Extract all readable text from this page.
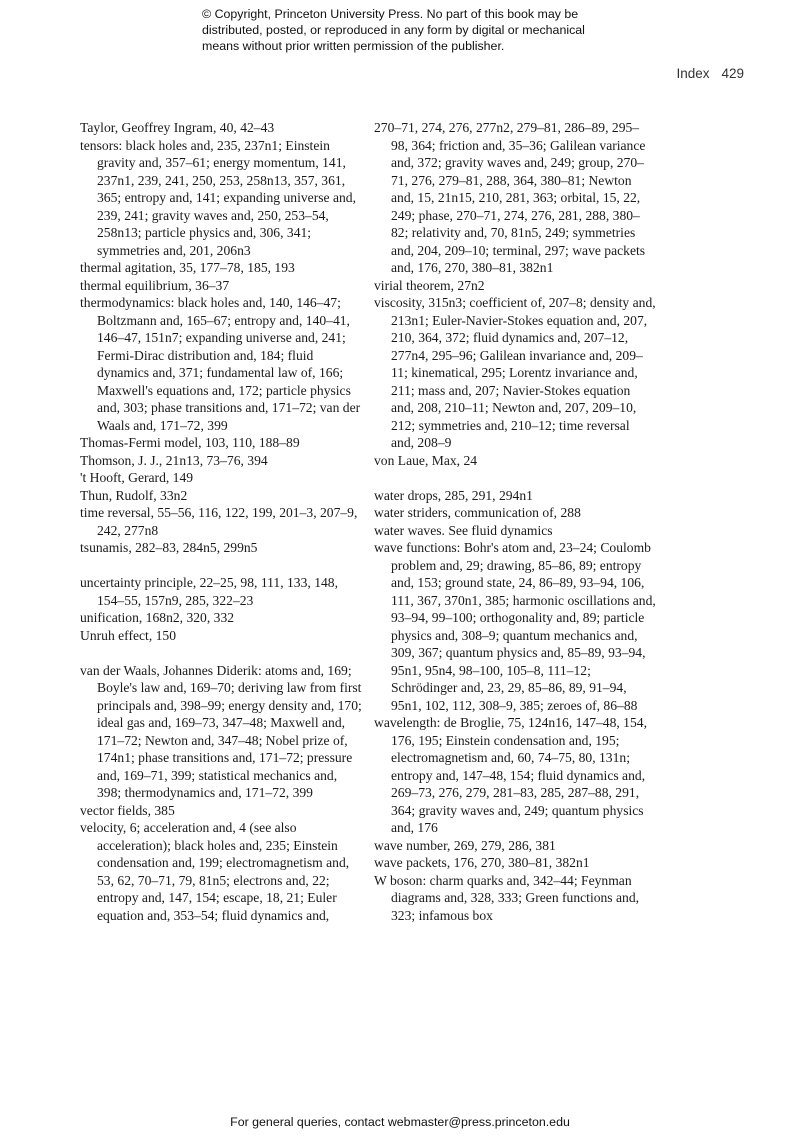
© Copyright, Princeton University Press. No part of this book may be distributed, posted, or reproduced in any form by digital or mechanical means without prior written permission of the publisher.
Index 429
Taylor, Geoffrey Ingram, 40, 42–43
tensors: black holes and, 235, 237n1; Einstein gravity and, 357–61; energy momentum, 141, 237n1, 239, 241, 250, 253, 258n13, 357, 361, 365; entropy and, 141; expanding universe and, 239, 241; gravity waves and, 250, 253–54, 258n13; particle physics and, 306, 341; symmetries and, 201, 206n3
thermal agitation, 35, 177–78, 185, 193
thermal equilibrium, 36–37
thermodynamics: black holes and, 140, 146–47; Boltzmann and, 165–67; entropy and, 140–41, 146–47, 151n7; expanding universe and, 241; Fermi-Dirac distribution and, 184; fluid dynamics and, 371; fundamental law of, 166; Maxwell's equations and, 172; particle physics and, 303; phase transitions and, 171–72; van der Waals and, 171–72, 399
Thomas-Fermi model, 103, 110, 188–89
Thomson, J. J., 21n13, 73–76, 394
't Hooft, Gerard, 149
Thun, Rudolf, 33n2
time reversal, 55–56, 116, 122, 199, 201–3, 207–9, 242, 277n8
tsunamis, 282–83, 284n5, 299n5
uncertainty principle, 22–25, 98, 111, 133, 148, 154–55, 157n9, 285, 322–23
unification, 168n2, 320, 332
Unruh effect, 150
van der Waals, Johannes Diderik: atoms and, 169; Boyle's law and, 169–70; deriving law from first principals and, 398–99; energy density and, 170; ideal gas and, 169–73, 347–48; Maxwell and, 171–72; Newton and, 347–48; Nobel prize of, 174n1; phase transitions and, 171–72; pressure and, 169–71, 399; statistical mechanics and, 398; thermodynamics and, 171–72, 399
vector fields, 385
velocity, 6; acceleration and, 4 (see also acceleration); black holes and, 235; Einstein condensation and, 199; electromagnetism and, 53, 62, 70–71, 79, 81n5; electrons and, 22; entropy and, 147, 154; escape, 18, 21; Euler equation and, 353–54; fluid dynamics and,
270–71, 274, 276, 277n2, 279–81, 286–89, 295–98, 364; friction and, 35–36; Galilean variance and, 372; gravity waves and, 249; group, 270–71, 276, 279–81, 288, 364, 380–81; Newton and, 15, 21n15, 210, 281, 363; orbital, 15, 22, 249; phase, 270–71, 274, 276, 281, 288, 380–82; relativity and, 70, 81n5, 249; symmetries and, 204, 209–10; terminal, 297; wave packets and, 176, 270, 380–81, 382n1
virial theorem, 27n2
viscosity, 315n3; coefficient of, 207–8; density and, 213n1; Euler-Navier-Stokes equation and, 207, 210, 364, 372; fluid dynamics and, 207–12, 277n4, 295–96; Galilean invariance and, 209–11; kinematical, 295; Lorentz invariance and, 211; mass and, 207; Navier-Stokes equation and, 208, 210–11; Newton and, 207, 209–10, 212; symmetries and, 210–12; time reversal and, 208–9
von Laue, Max, 24
water drops, 285, 291, 294n1
water striders, communication of, 288
water waves. See fluid dynamics
wave functions: Bohr's atom and, 23–24; Coulomb problem and, 29; drawing, 85–86, 89; entropy and, 153; ground state, 24, 86–89, 93–94, 106, 111, 367, 370n1, 385; harmonic oscillations and, 93–94, 99–100; orthogonality and, 89; particle physics and, 308–9; quantum mechanics and, 309, 367; quantum physics and, 85–89, 93–94, 95n1, 95n4, 98–100, 105–8, 111–12; Schrödinger and, 23, 29, 85–86, 89, 91–94, 95n1, 102, 112, 308–9, 385; zeroes of, 86–88
wavelength: de Broglie, 75, 124n16, 147–48, 154, 176, 195; Einstein condensation and, 195; electromagnetism and, 60, 74–75, 80, 131n; entropy and, 147–48, 154; fluid dynamics and, 269–73, 276, 279, 281–83, 285, 287–88, 291, 364; gravity waves and, 249; quantum physics and, 176
wave number, 269, 279, 286, 381
wave packets, 176, 270, 380–81, 382n1
W boson: charm quarks and, 342–44; Feynman diagrams and, 328, 333; Green functions and, 323; infamous box
For general queries, contact webmaster@press.princeton.edu
